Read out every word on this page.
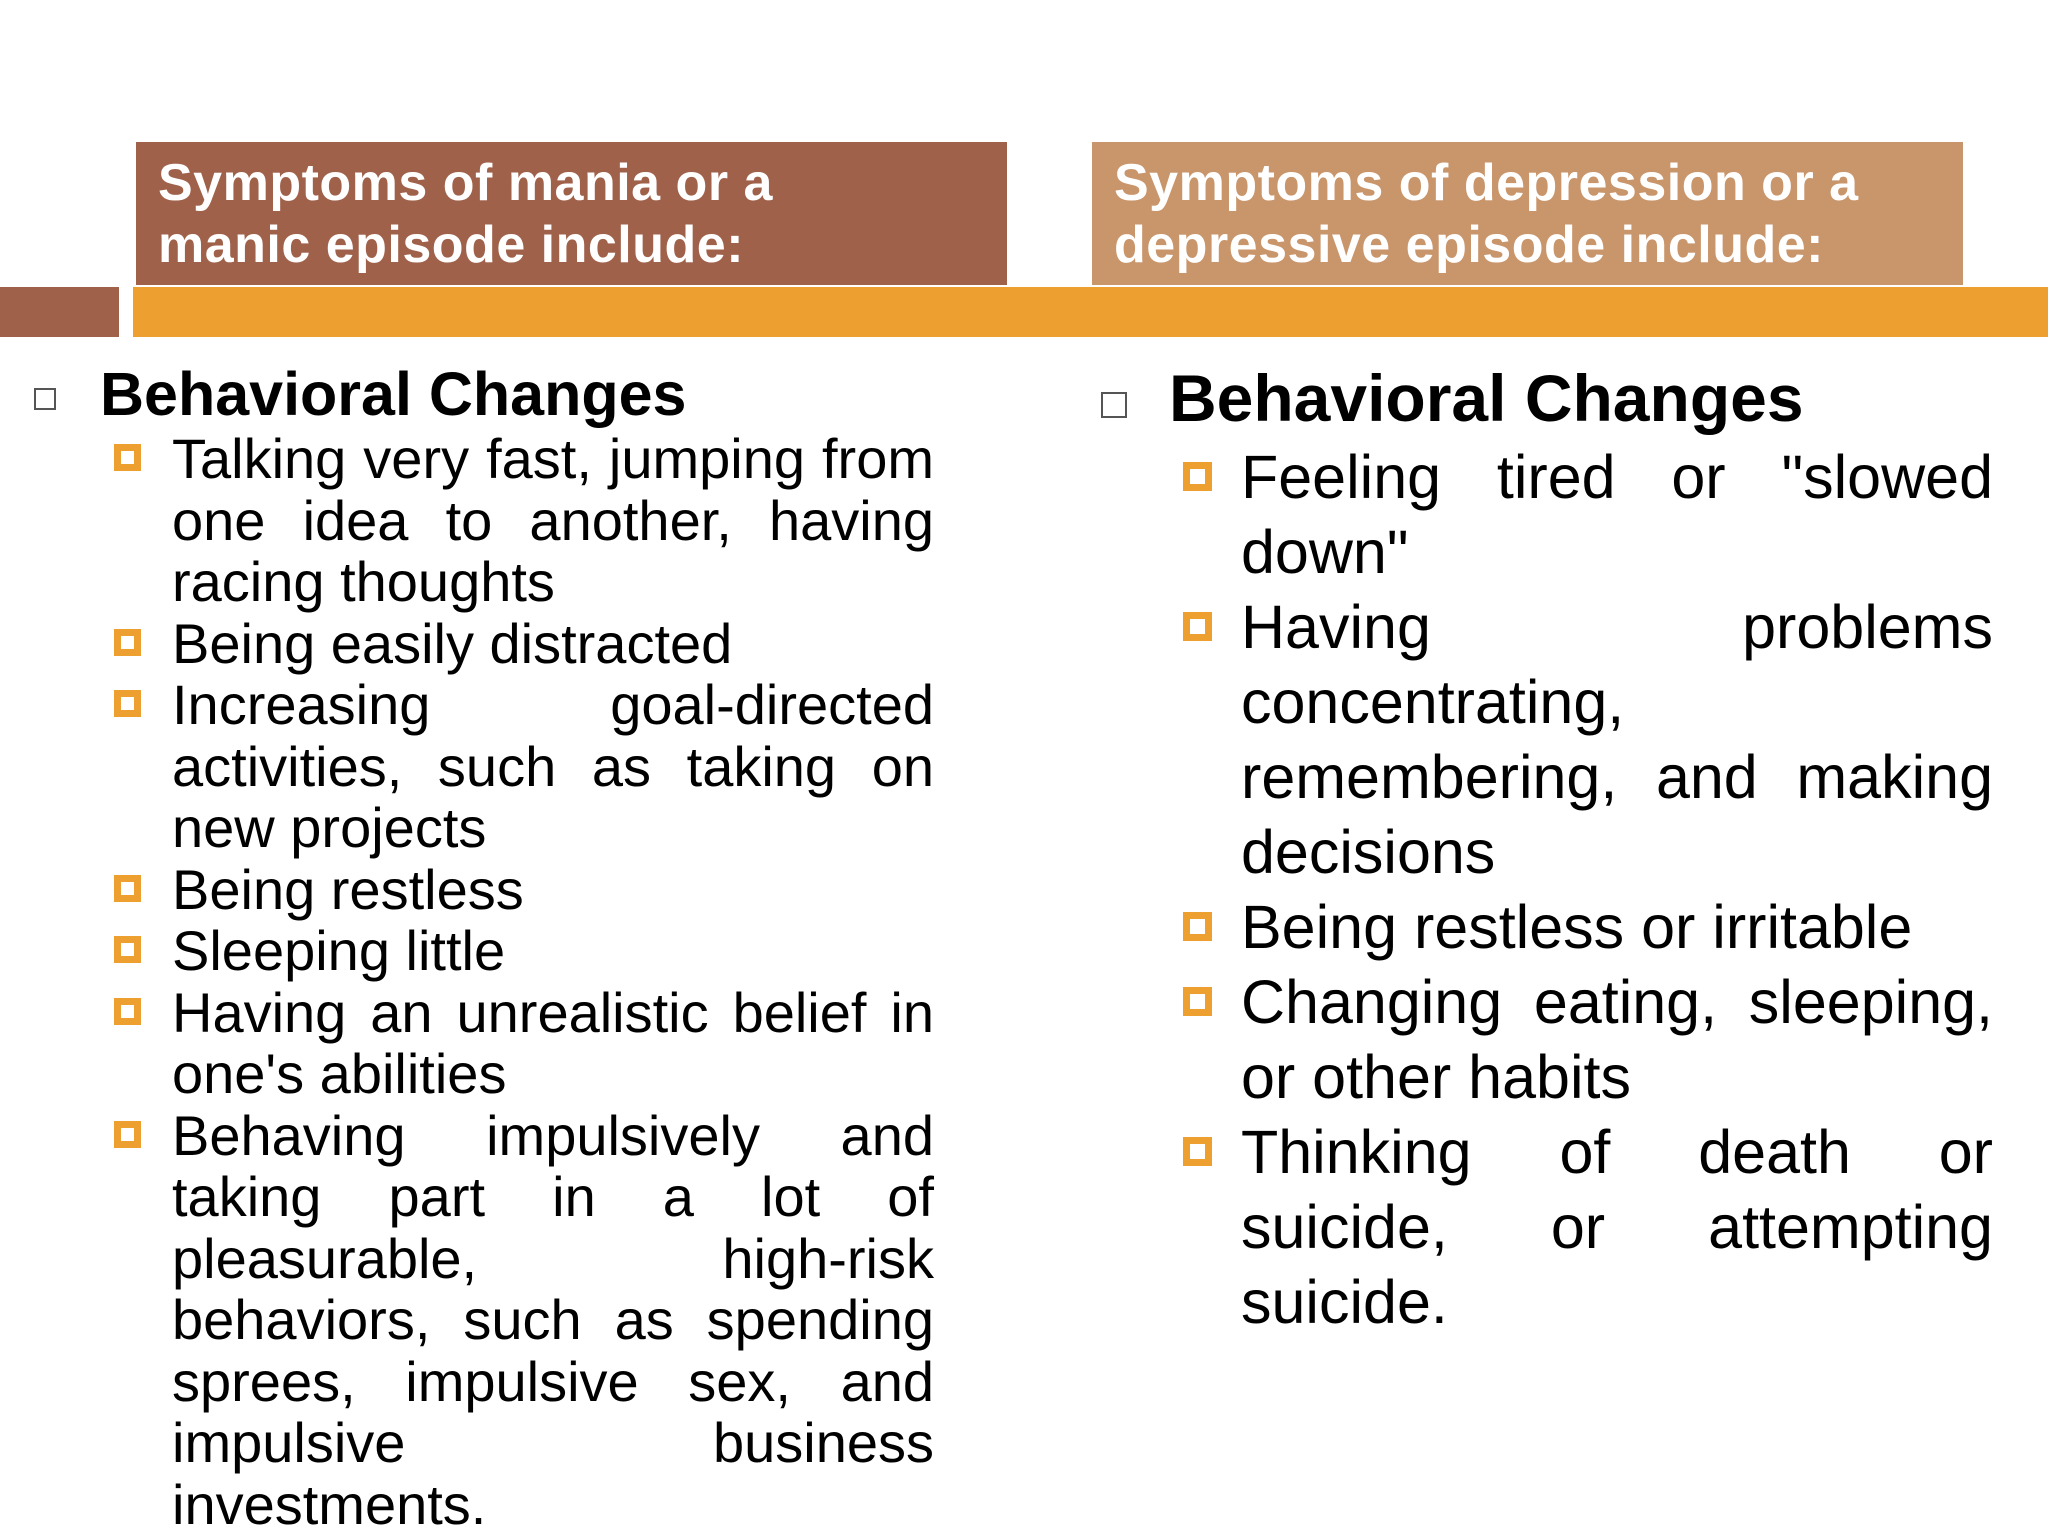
Symptoms of mania or a
manic episode include:
Symptoms of depression or a
depressive episode include:
Behavioral Changes
Talking very fast, jumping from one idea to another, having racing thoughts
Being easily distracted
Increasing goal-directed activities, such as taking on new projects
Being restless
Sleeping little
Having an unrealistic belief in one's abilities
Behaving impulsively and taking part in a lot of pleasurable, high-risk behaviors, such as spending sprees, impulsive sex, and impulsive business investments.
Behavioral Changes
Feeling tired or "slowed down"
Having problems concentrating, remembering, and making decisions
Being restless or irritable
Changing eating, sleeping, or other habits
Thinking of death or suicide, or attempting suicide.
